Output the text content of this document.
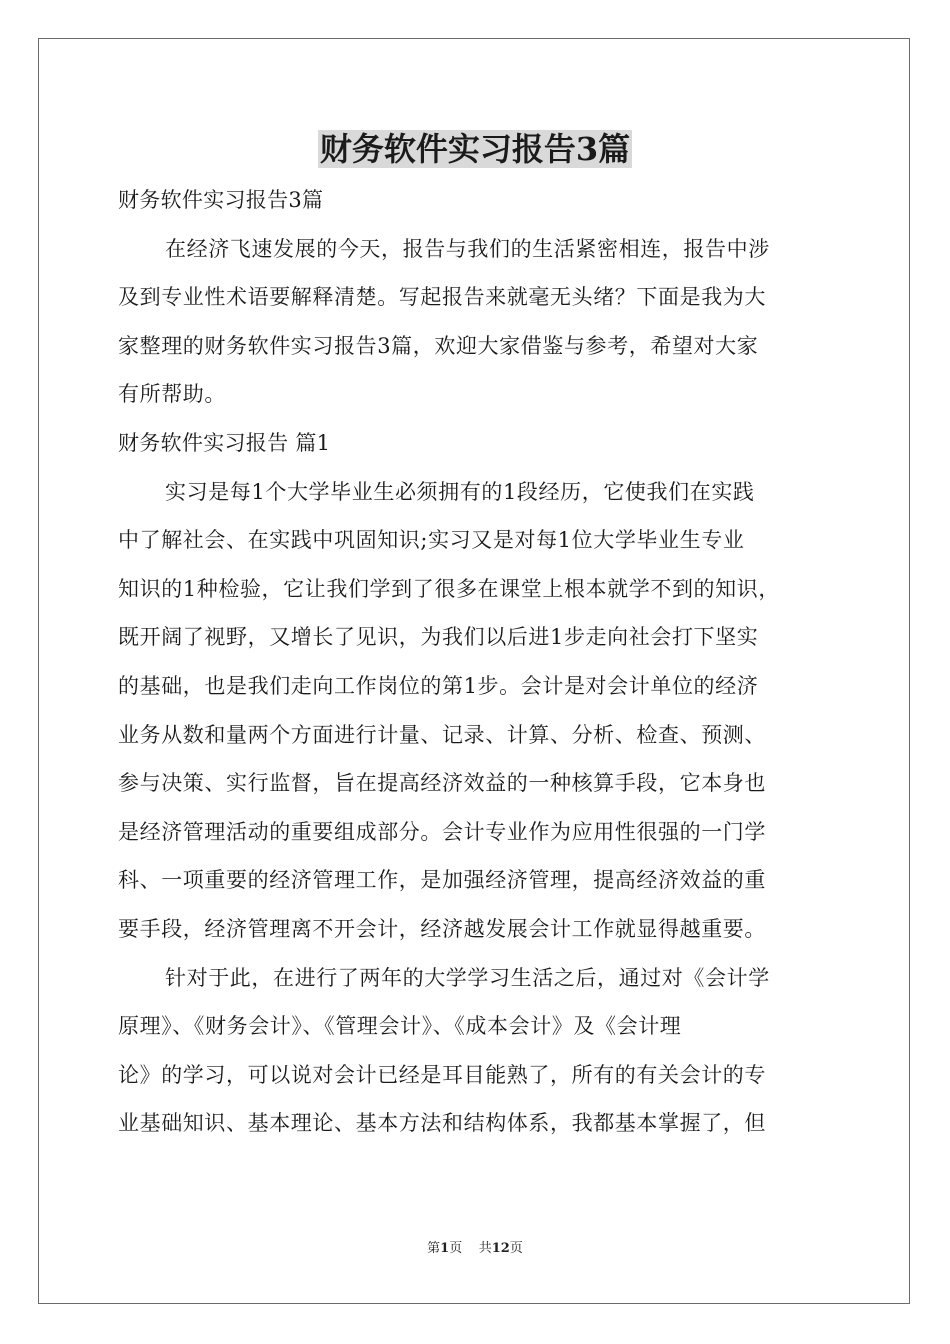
财务软件实习报告3篇
财务软件实习报告3篇
在经济飞速发展的今天，报告与我们的生活紧密相连，报告中涉
及到专业性术语要解释清楚。写起报告来就毫无头绪？下面是我为大
家整理的财务软件实习报告3篇，欢迎大家借鉴与参考，希望对大家
有所帮助。
财务软件实习报告 篇1
实习是每1个大学毕业生必须拥有的1段经历，它使我们在实践
中了解社会、在实践中巩固知识;实习又是对每1位大学毕业生专业
知识的1种检验，它让我们学到了很多在课堂上根本就学不到的知识，
既开阔了视野，又增长了见识，为我们以后进1步走向社会打下坚实
的基础，也是我们走向工作岗位的第1步。会计是对会计单位的经济
业务从数和量两个方面进行计量、记录、计算、分析、检查、预测、
参与决策、实行监督，旨在提高经济效益的一种核算手段，它本身也
是经济管理活动的重要组成部分。会计专业作为应用性很强的一门学
科、一项重要的经济管理工作，是加强经济管理，提高经济效益的重
要手段，经济管理离不开会计，经济越发展会计工作就显得越重要。
针对于此，在进行了两年的大学学习生活之后，通过对《会计学
原理》、《财务会计》、《管理会计》、《成本会计》及《会计理
论》的学习，可以说对会计已经是耳目能熟了，所有的有关会计的专
业基础知识、基本理论、基本方法和结构体系，我都基本掌握了，但
第1页 共12页
